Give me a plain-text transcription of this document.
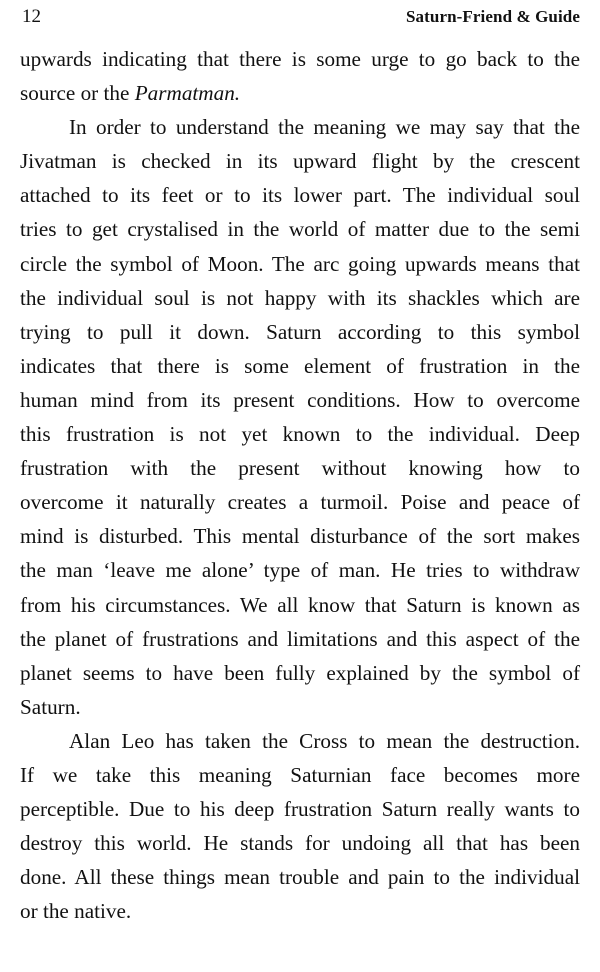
12	Saturn-Friend & Guide
upwards indicating that there is some urge to go back to the
source or the Parmatman.
In order to understand the meaning we may say that the
Jivatman is checked in its upward flight by the crescent
attached to its feet or to its lower part. The individual soul
tries to get crystalised in the world of matter due to the semi
circle the symbol of Moon. The arc going upwards means that
the individual soul is not happy with its shackles which are
trying to pull it down. Saturn according to this symbol
indicates that there is some element of frustration in the
human mind from its present conditions. How to overcome
this frustration is not yet known to the individual. Deep
frustration with the present without knowing how to
overcome it naturally creates a turmoil. Poise and peace of
mind is disturbed. This mental disturbance of the sort makes
the man ‘leave me alone’ type of man. He tries to withdraw
from his circumstances. We all know that Saturn is known as
the planet of frustrations and limitations and this aspect of the
planet seems to have been fully explained by the symbol of
Saturn.
Alan Leo has taken the Cross to mean the destruction.
If we take this meaning Saturnian face becomes more
perceptible. Due to his deep frustration Saturn really wants to
destroy this world. He stands for undoing all that has been
done. All these things mean trouble and pain to the individual
or the native.
